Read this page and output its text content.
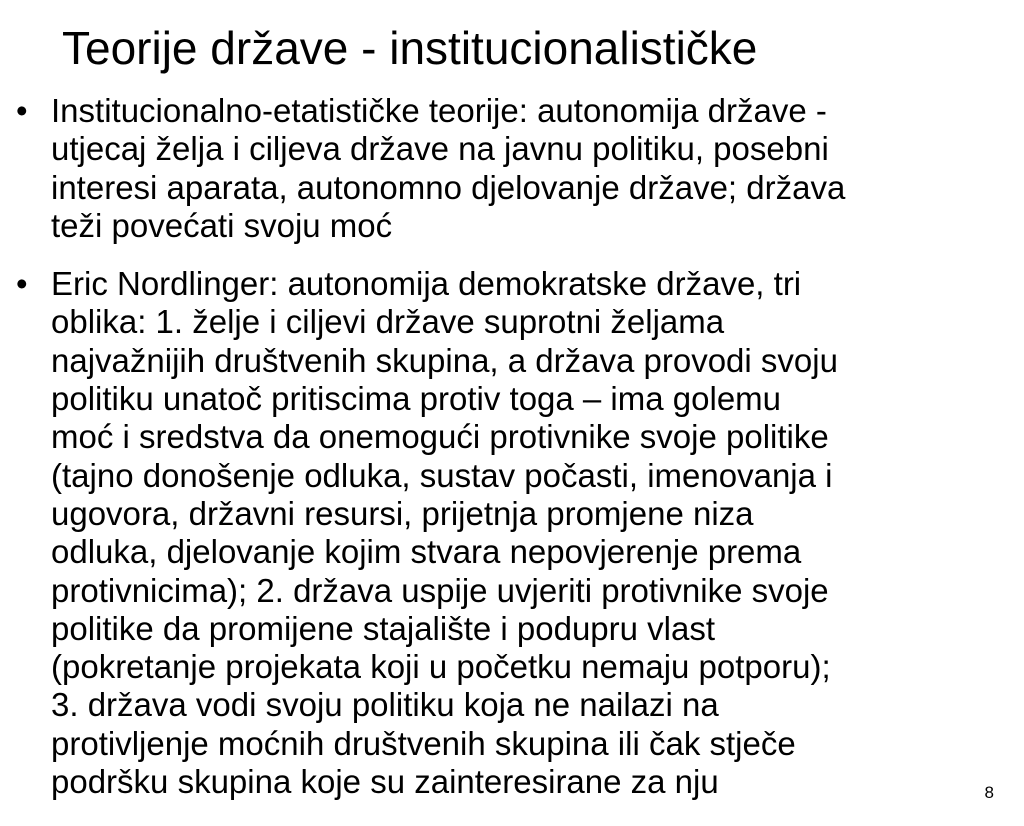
Teorije države - institucionalističke
• Institucionalno-etatističke teorije: autonomija države -
utjecaj želja i ciljeva države na javnu politiku, posebni
interesi aparata, autonomno djelovanje države; država
teži povećati svoju moć
• Eric Nordlinger: autonomija demokratske države, tri
oblika: 1. želje i ciljevi države suprotni željama
najvažnijih društvenih skupina, a država provodi svoju
politiku unatoč pritiscima protiv toga – ima golemu
moć i sredstva da onemogući protivnike svoje politike
(tajno donošenje odluka, sustav počasti, imenovanja i
ugovora, državni resursi, prijetnja promjene niza
odluka, djelovanje kojim stvara nepovjerenje prema
protivnicima); 2. država uspije uvjeriti protivnike svoje
politike da promijene stajalište i podupru vlast
(pokretanje projekata koji u početku nemaju potporu);
3. država vodi svoju politiku koja ne nailazi na
protivljenje moćnih društvenih skupina ili čak stječe
podršku skupina koje su zainteresirane za nju	8
